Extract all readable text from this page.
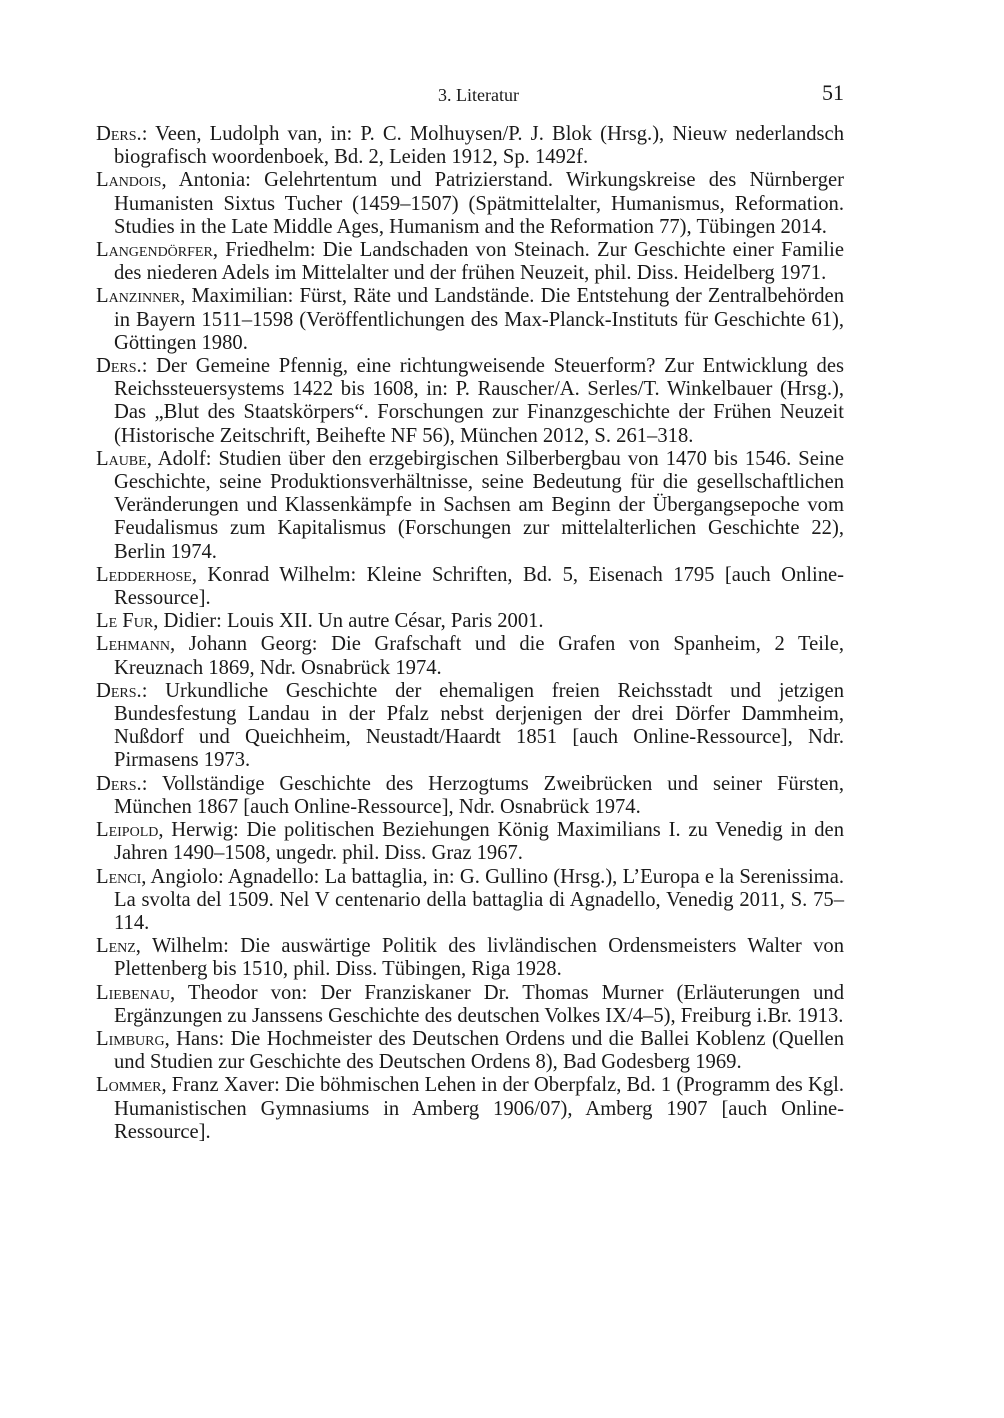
3. Literatur	51
Ders.: Veen, Ludolph van, in: P. C. Molhuysen/P. J. Blok (Hrsg.), Nieuw nederlandsch biografisch woordenboek, Bd. 2, Leiden 1912, Sp. 1492f.
Landois, Antonia: Gelehrtentum und Patrizierstand. Wirkungskreise des Nürnberger Humanisten Sixtus Tucher (1459–1507) (Spätmittelalter, Humanismus, Reformation. Studies in the Late Middle Ages, Humanism and the Reformation 77), Tübingen 2014.
Langendörfer, Friedhelm: Die Landschaden von Steinach. Zur Geschichte einer Familie des niederen Adels im Mittelalter und der frühen Neuzeit, phil. Diss. Heidelberg 1971.
Lanzinner, Maximilian: Fürst, Räte und Landstände. Die Entstehung der Zentralbehörden in Bayern 1511–1598 (Veröffentlichungen des Max-Planck-Instituts für Geschichte 61), Göttingen 1980.
Ders.: Der Gemeine Pfennig, eine richtungweisende Steuerform? Zur Entwicklung des Reichssteuersystems 1422 bis 1608, in: P. Rauscher/A. Serles/T. Winkelbauer (Hrsg.), Das „Blut des Staatskörpers“. Forschungen zur Finanzgeschichte der Frühen Neuzeit (Historische Zeitschrift, Beihefte NF 56), München 2012, S. 261–318.
Laube, Adolf: Studien über den erzgebirgischen Silberbergbau von 1470 bis 1546. Seine Geschichte, seine Produktionsverhältnisse, seine Bedeutung für die gesellschaftlichen Veränderungen und Klassenkämpfe in Sachsen am Beginn der Übergangsepoche vom Feudalismus zum Kapitalismus (Forschungen zur mittelalterlichen Geschichte 22), Berlin 1974.
Ledderhose, Konrad Wilhelm: Kleine Schriften, Bd. 5, Eisenach 1795 [auch Online-Ressource].
Le Fur, Didier: Louis XII. Un autre César, Paris 2001.
Lehmann, Johann Georg: Die Grafschaft und die Grafen von Spanheim, 2 Teile, Kreuznach 1869, Ndr. Osnabrück 1974.
Ders.: Urkundliche Geschichte der ehemaligen freien Reichsstadt und jetzigen Bundesfestung Landau in der Pfalz nebst derjenigen der drei Dörfer Dammheim, Nußdorf und Queichheim, Neustadt/Haardt 1851 [auch Online-Ressource], Ndr. Pirmasens 1973.
Ders.: Vollständige Geschichte des Herzogtums Zweibrücken und seiner Fürsten, München 1867 [auch Online-Ressource], Ndr. Osnabrück 1974.
Leipold, Herwig: Die politischen Beziehungen König Maximilians I. zu Venedig in den Jahren 1490–1508, ungedr. phil. Diss. Graz 1967.
Lenci, Angiolo: Agnadello: La battaglia, in: G. Gullino (Hrsg.), L’Europa e la Serenissima. La svolta del 1509. Nel V centenario della battaglia di Agnadello, Venedig 2011, S. 75–114.
Lenz, Wilhelm: Die auswärtige Politik des livländischen Ordensmeisters Walter von Plettenberg bis 1510, phil. Diss. Tübingen, Riga 1928.
Liebenau, Theodor von: Der Franziskaner Dr. Thomas Murner (Erläuterungen und Ergänzungen zu Janssens Geschichte des deutschen Volkes IX/4–5), Freiburg i.Br. 1913.
Limburg, Hans: Die Hochmeister des Deutschen Ordens und die Ballei Koblenz (Quellen und Studien zur Geschichte des Deutschen Ordens 8), Bad Godesberg 1969.
Lommer, Franz Xaver: Die böhmischen Lehen in der Oberpfalz, Bd. 1 (Programm des Kgl. Humanistischen Gymnasiums in Amberg 1906/07), Amberg 1907 [auch Online-Ressource].
